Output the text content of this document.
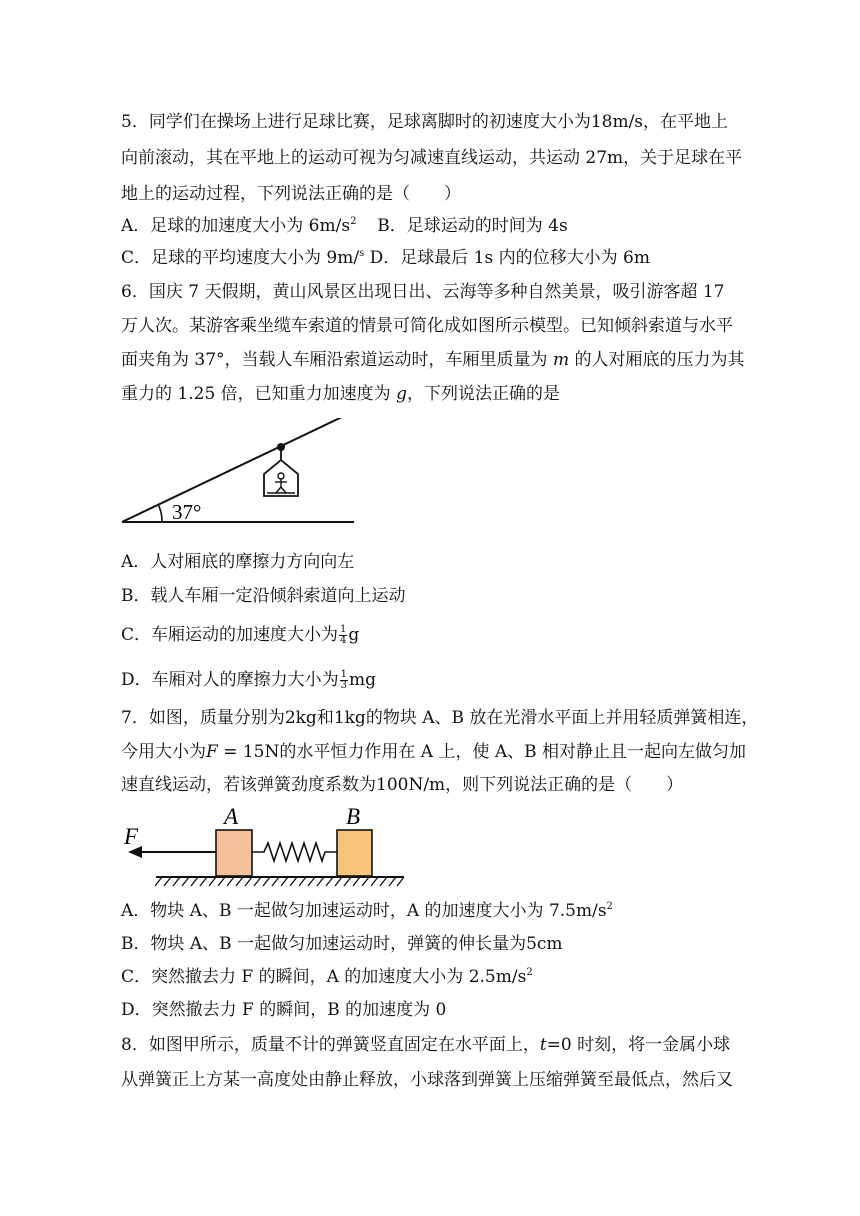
5．同学们在操场上进行足球比赛，足球离脚时的初速度大小为18m/s，在平地上
向前滚动，其在平地上的运动可视为匀减速直线运动，共运动 27m，关于足球在平
地上的运动过程，下列说法正确的是（　　）
A．足球的加速度大小为 $6m/s^2$ B．足球运动的时间为 4s
C．足球的平均速度大小为 9m/$^s$ D．足球最后 1s 内的位移大小为 6m
6．国庆 7 天假期，黄山风景区出现日出、云海等多种自然美景，吸引游客超 17
万人次。某游客乘坐缆车索道的情景可简化成如图所示模型。已知倾斜索道与水平
面夹角为 37°，当载人车厢沿索道运动时，车厢里质量为 m 的人对厢底的压力为其
重力的 1.25 倍，已知重力加速度为 g，下列说法正确的是
37°
A．人对厢底的摩擦力方向向左
B．载人车厢一定沿倾斜索道向上运动
C．车厢运动的加速度大小为 $\frac{1}{4}$ g
D．车厢对人的摩擦力大小为 $\frac{1}{3}$ mg
7．如图，质量分别为2kg和1kg的物块 A、B 放在光滑水平面上并用轻质弹簧相连，
今用大小为F = 15N的水平恒力作用在 A 上，使 A、B 相对静止且一起向左做匀加
速直线运动，若该弹簧劲度系数为100N/m，则下列说法正确的是（　　）
F
A	B
A．物块 A、B 一起做匀加速运动时，A 的加速度大小为 $7.5m/s^2$
B．物块 A、B 一起做匀加速运动时，弹簧的伸长量为5cm
C．突然撤去力 F 的瞬间，A 的加速度大小为 $2.5m/s^2$
D．突然撤去力 F 的瞬间，B 的加速度为 0
8．如图甲所示，质量不计的弹簧竖直固定在水平面上，t=0 时刻，将一金属小球
从弹簧正上方某一高度处由静止释放，小球落到弹簧上压缩弹簧至最低点，然后又
